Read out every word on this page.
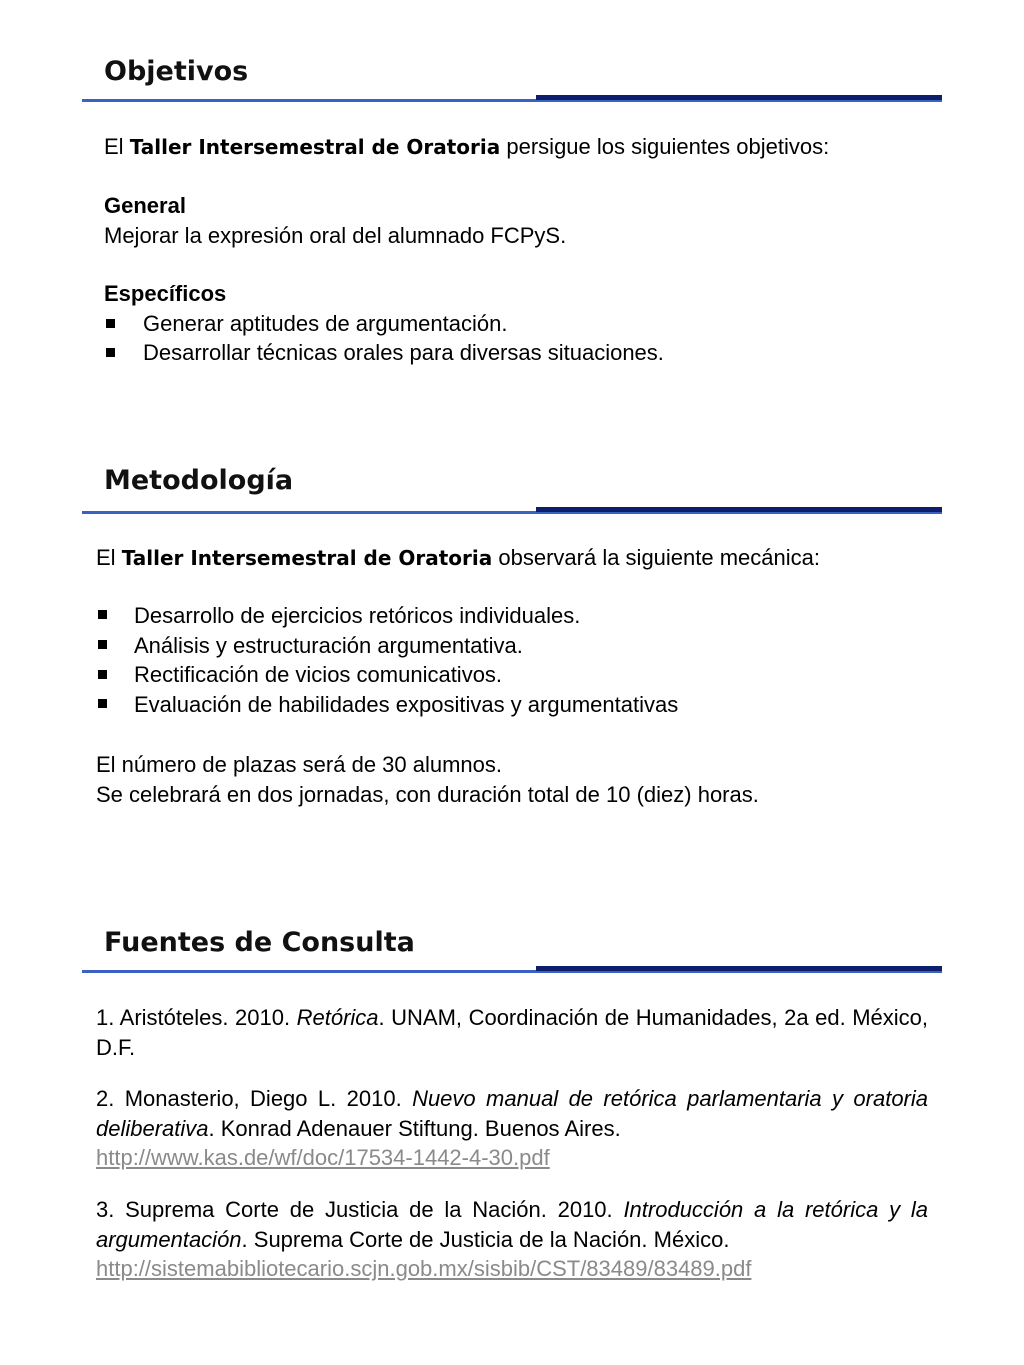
Objetivos
El Taller Intersemestral de Oratoria persigue los siguientes objetivos:
General
Mejorar la expresión oral del alumnado FCPyS.
Específicos
Generar aptitudes de argumentación.
Desarrollar técnicas orales para diversas situaciones.
Metodología
El Taller Intersemestral de Oratoria observará la siguiente mecánica:
Desarrollo de ejercicios retóricos individuales.
Análisis y estructuración argumentativa.
Rectificación de vicios comunicativos.
Evaluación de habilidades expositivas y argumentativas
El número de plazas será de 30 alumnos.
Se celebrará en dos jornadas, con duración total de 10 (diez) horas.
Fuentes de Consulta
1. Aristóteles. 2010. Retórica. UNAM, Coordinación de Humanidades, 2a ed. México, D.F.
2. Monasterio, Diego L. 2010. Nuevo manual de retórica parlamentaria y oratoria deliberativa. Konrad Adenauer Stiftung. Buenos Aires.
http://www.kas.de/wf/doc/17534-1442-4-30.pdf
3. Suprema Corte de Justicia de la Nación. 2010. Introducción a la retórica y la argumentación. Suprema Corte de Justicia de la Nación. México.
http://sistemabibliotecario.scjn.gob.mx/sisbib/CST/83489/83489.pdf
